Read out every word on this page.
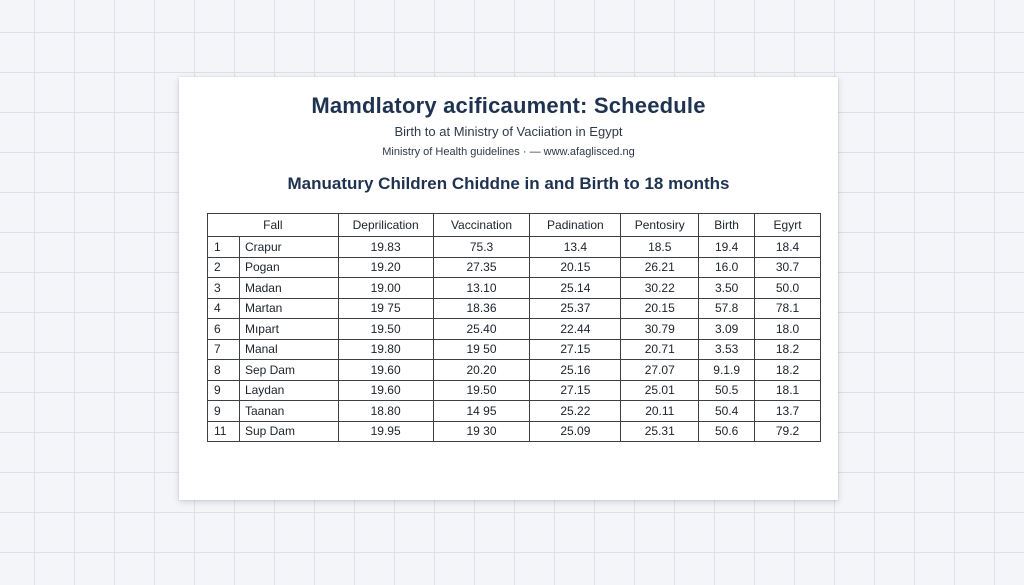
Mamdlatory acificaument: Scheedule
Birth to at Ministry of Vaciiation in Egypt
Ministry of Health guidelines · — www.afagliscеd.ng
Manuatury Children Chiddne in and Birth to 18 months
Fall		Deprilication	Vaccination	Padination	Pentosiry	Birth	Egyrt
1	Crapur	19.83	75.3	13.4	18.5	19.4	18.4
2	Pogan	19.20	27.35	20.15	26.21	16.0	30.7
3	Madan	19.00	13.10	25.14	30.22	3.50	50.0
4	Martan	19 75	18.36	25.37	20.15	57.8	78.1
6	Mıpart	19.50	25.40	22.44	30.79	3.09	18.0
7	Manal	19.80	19 50	27.15	20.71	3.53	18.2
8	Sep Dam	19.60	20.20	25.16	27.07	9.1.9	18.2
9	Laydan	19.60	19.50	27.15	25.01	50.5	18.1
9	Taanan	18.80	14 95	25.22	20.11	50.4	13.7
11	Sup Dam	19.95	19 30	25.09	25.31	50.6	79.2
